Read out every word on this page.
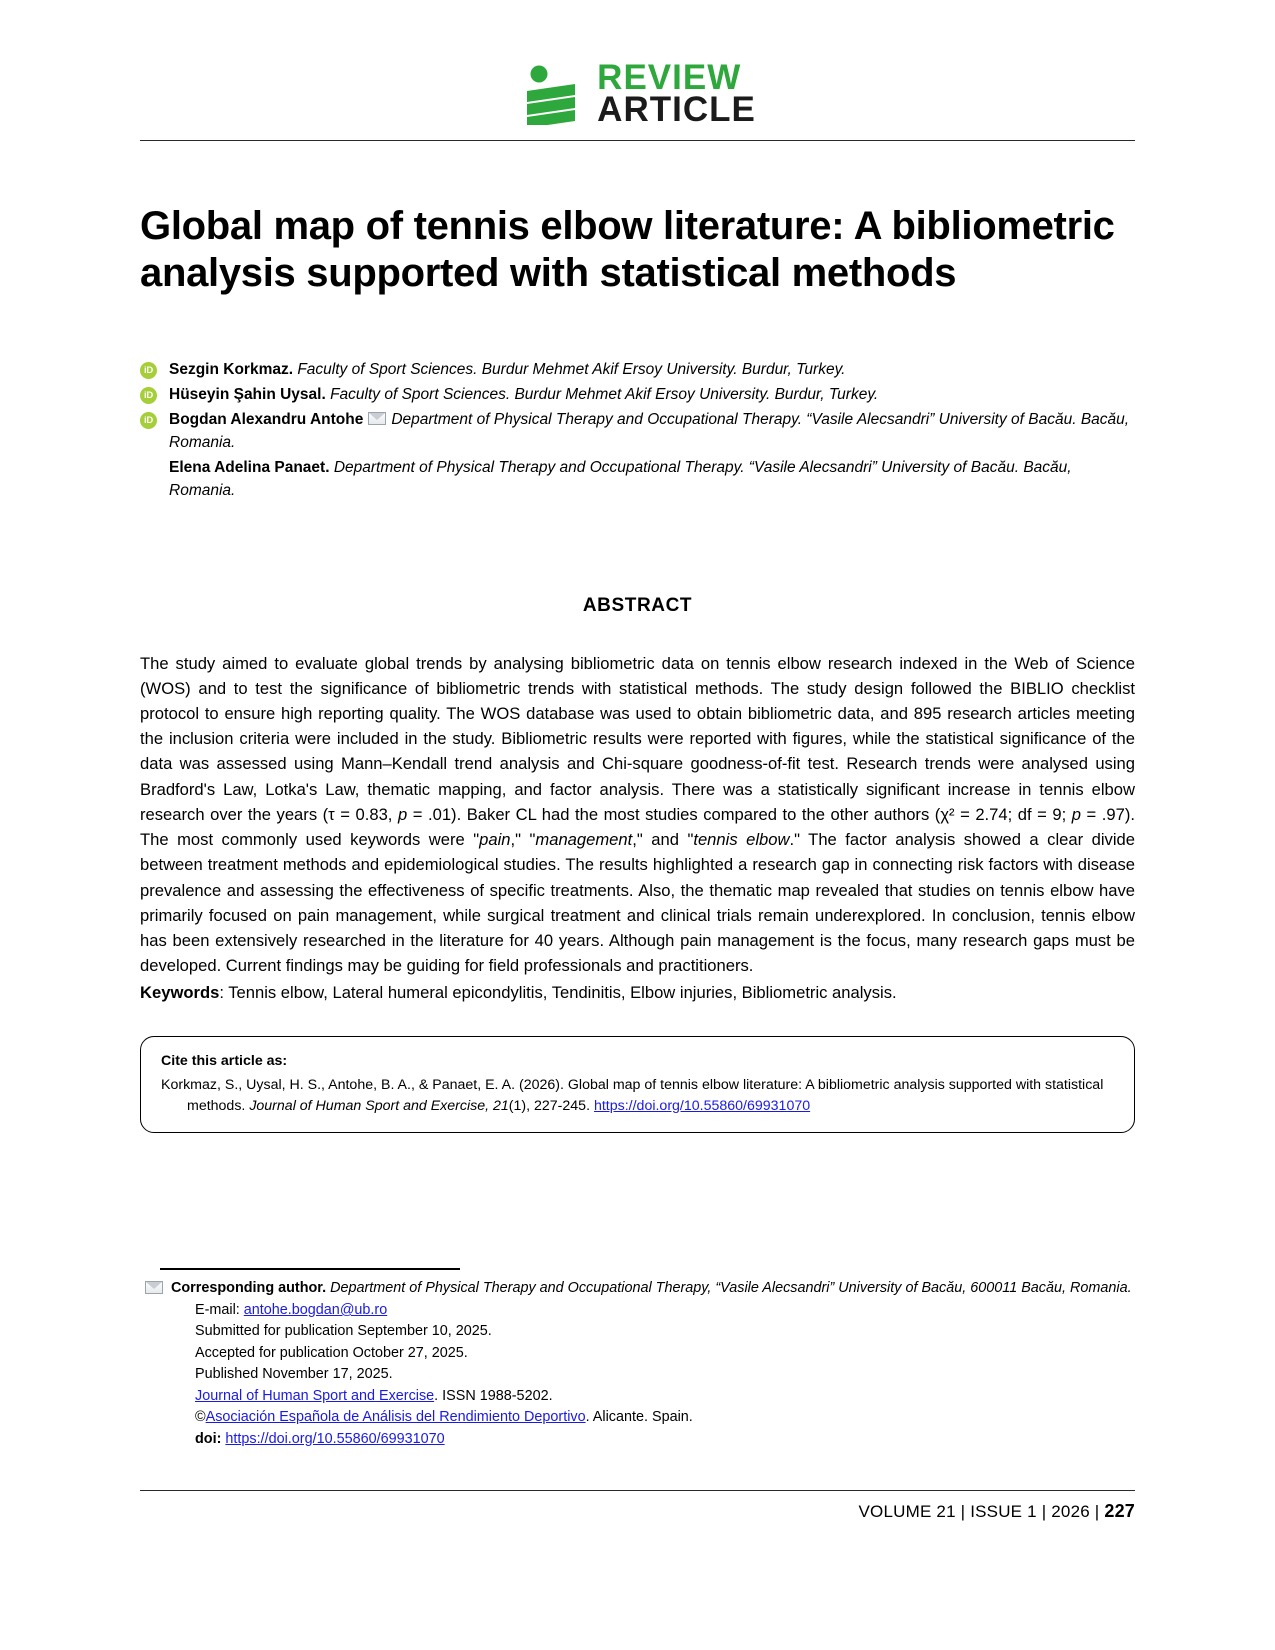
REVIEW
ARTICLE
Global map of tennis elbow literature: A bibliometric analysis supported with statistical methods
iD Sezgin Korkmaz. Faculty of Sport Sciences. Burdur Mehmet Akif Ersoy University. Burdur, Turkey.
iD Hüseyin Şahin Uysal. Faculty of Sport Sciences. Burdur Mehmet Akif Ersoy University. Burdur, Turkey.
iD Bogdan Alexandru Antohe Department of Physical Therapy and Occupational Therapy. “Vasile Alecsandri” University of Bacău. Bacău, Romania.
Elena Adelina Panaet. Department of Physical Therapy and Occupational Therapy. “Vasile Alecsandri” University of Bacău. Bacău, Romania.
ABSTRACT
The study aimed to evaluate global trends by analysing bibliometric data on tennis elbow research indexed in the Web of Science (WOS) and to test the significance of bibliometric trends with statistical methods. The study design followed the BIBLIO checklist protocol to ensure high reporting quality. The WOS database was used to obtain bibliometric data, and 895 research articles meeting the inclusion criteria were included in the study. Bibliometric results were reported with figures, while the statistical significance of the data was assessed using Mann–Kendall trend analysis and Chi-square goodness-of-fit test. Research trends were analysed using Bradford's Law, Lotka's Law, thematic mapping, and factor analysis. There was a statistically significant increase in tennis elbow research over the years (τ = 0.83, p = .01). Baker CL had the most studies compared to the other authors (χ² = 2.74; df = 9; p = .97). The most commonly used keywords were "pain," "management," and "tennis elbow." The factor analysis showed a clear divide between treatment methods and epidemiological studies. The results highlighted a research gap in connecting risk factors with disease prevalence and assessing the effectiveness of specific treatments. Also, the thematic map revealed that studies on tennis elbow have primarily focused on pain management, while surgical treatment and clinical trials remain underexplored. In conclusion, tennis elbow has been extensively researched in the literature for 40 years. Although pain management is the focus, many research gaps must be developed. Current findings may be guiding for field professionals and practitioners.
Keywords: Tennis elbow, Lateral humeral epicondylitis, Tendinitis, Elbow injuries, Bibliometric analysis.
Cite this article as:
Korkmaz, S., Uysal, H. S., Antohe, B. A., & Panaet, E. A. (2026). Global map of tennis elbow literature: A bibliometric analysis supported with statistical methods. Journal of Human Sport and Exercise, 21(1), 227-245. https://doi.org/10.55860/69931070
Corresponding author. Department of Physical Therapy and Occupational Therapy, “Vasile Alecsandri” University of Bacău, 600011 Bacău, Romania.
E-mail: antohe.bogdan@ub.ro
Submitted for publication September 10, 2025.
Accepted for publication October 27, 2025.
Published November 17, 2025.
Journal of Human Sport and Exercise. ISSN 1988-5202.
©Asociación Española de Análisis del Rendimiento Deportivo. Alicante. Spain.
doi: https://doi.org/10.55860/69931070
VOLUME 21 | ISSUE 1 | 2026 | 227
